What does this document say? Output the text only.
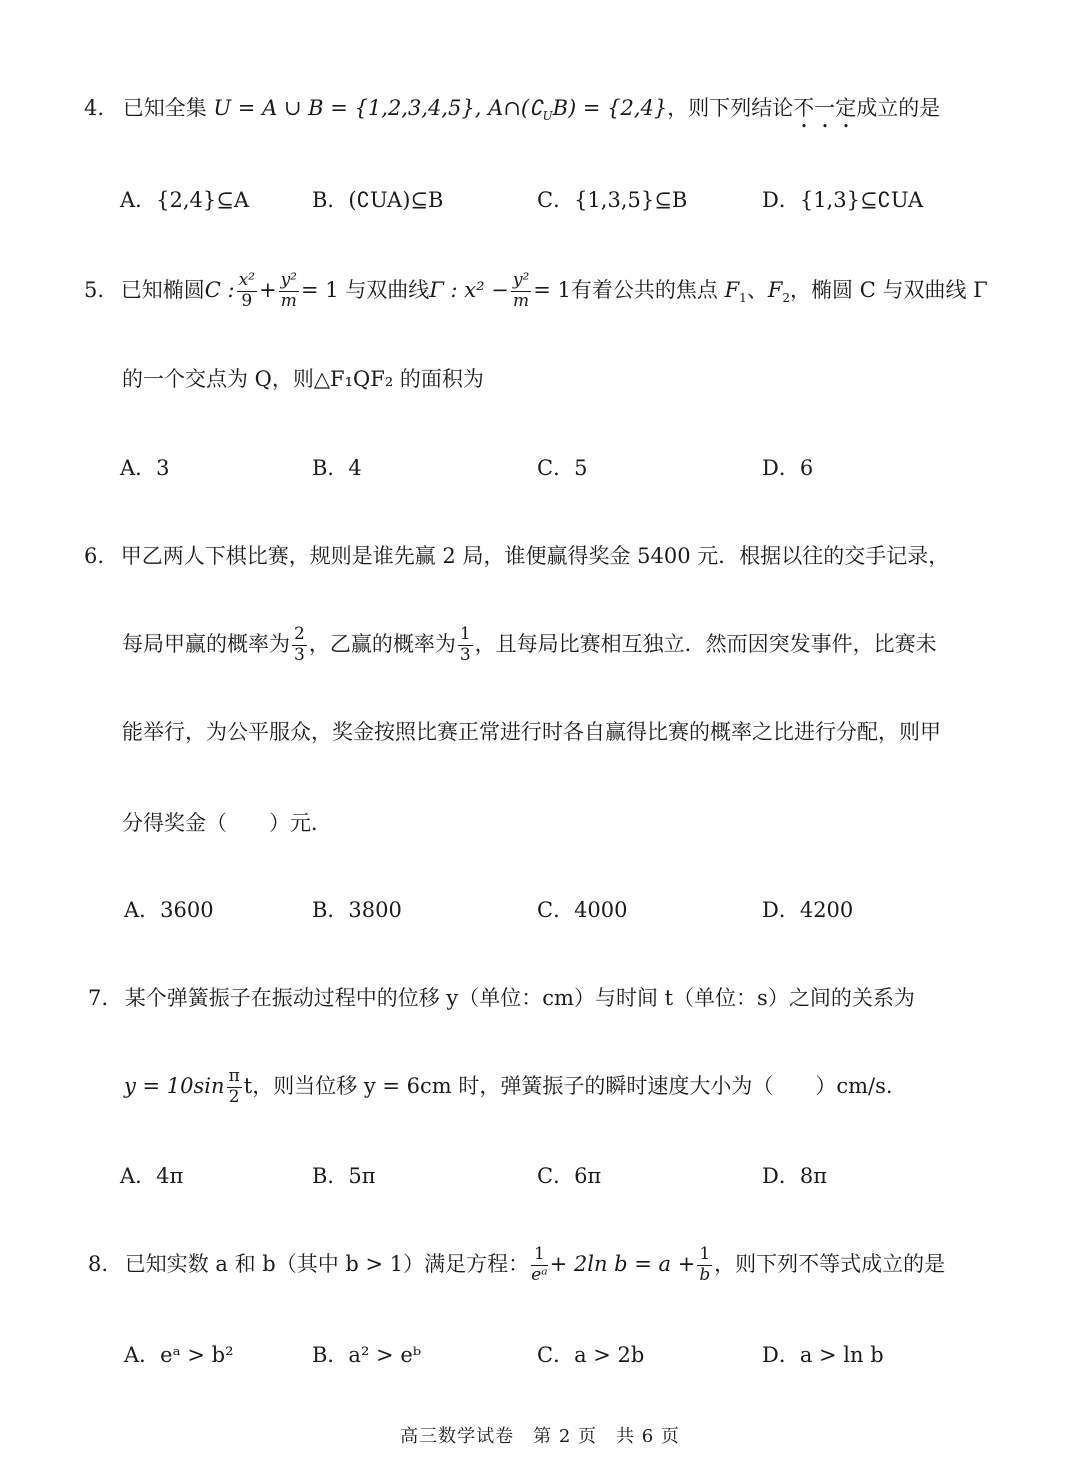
4. 已知全集 U = A ∪ B = {1,2,3,4,5}, $A\cap(∁_UB) = \{2,4\}$，则下列结论不一定成立的是
A．{2,4}⊆A	B．(∁UA)⊆B	C．{1,3,5}⊆B	D．{1,3}⊆∁UA
5. 已知椭圆C : $\frac{\text{x²}}{9} + \frac{\text{y²}}{m} = 1$ 与双曲线Γ : $x^2 - \frac{\text{y²}}{m} = 1$有着公共的焦点 $F_1$、$F_2$，椭圆 C 与双曲线 Γ
的一个交点为 Q，则△F₁QF₂ 的面积为
A．3	B．4	C．5	D．6
6. 甲乙两人下棋比赛，规则是谁先赢 2 局，谁便赢得奖金 5400 元．根据以往的交手记录，
每局甲赢的概率为 $\frac{2}{3}$ ，乙赢的概率为 $\frac{1}{3}$ ，且每局比赛相互独立．然而因突发事件，比赛未
能举行，为公平服众，奖金按照比赛正常进行时各自赢得比赛的概率之比进行分配，则甲
分得奖金（　　）元．
A．3600	B．3800	C．4000	D．4200
7. 某个弹簧振子在振动过程中的位移 y（单位：cm）与时间 t（单位：s）之间的关系为
$y = 10\sin \frac{\pi}{2}$ t，则当位移 y = 6cm 时，弹簧振子的瞬时速度大小为（　　）cm/s.
A．4π	B．5π	C．6π	D．8π
8. 已知实数 a 和 b（其中 b > 1）满足方程： $\frac{1}{\text{eᵃ}} + 2\ln$ $b = a + \frac{1}{b}$ ，则下列不等式成立的是
A．eᵃ > b²	B．a² > eᵇ	C．a > 2b	D．a > ln b
高三数学试卷　第 2 页　共 6 页
